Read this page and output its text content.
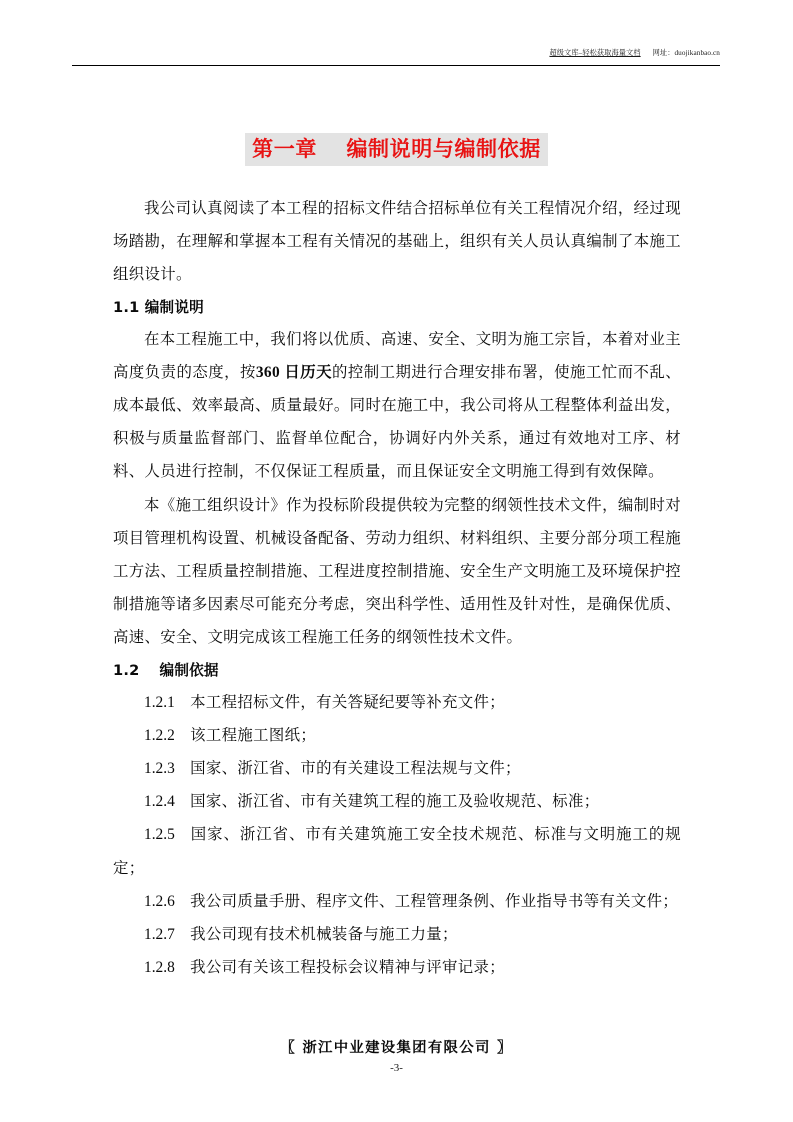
超级文库–轻松获取海量文档 网址：duojikanbao.cn
第一章　 编制说明与编制依据

我公司认真阅读了本工程的招标文件结合招标单位有关工程情况介绍，经过现场踏勘，在理解和掌握本工程有关情况的基础上，组织有关人员认真编制了本施工组织设计。

1.1 编制说明

在本工程施工中，我们将以优质、高速、安全、文明为施工宗旨，本着对业主高度负责的态度，按360 日历天的控制工期进行合理安排布署，使施工忙而不乱、成本最低、效率最高、质量最好。同时在施工中，我公司将从工程整体利益出发，积极与质量监督部门、监督单位配合，协调好内外关系，通过有效地对工序、材料、人员进行控制，不仅保证工程质量，而且保证安全文明施工得到有效保障。

本《施工组织设计》作为投标阶段提供较为完整的纲领性技术文件，编制时对项目管理机构设置、机械设备配备、劳动力组织、材料组织、主要分部分项工程施工方法、工程质量控制措施、工程进度控制措施、安全生产文明施工及环境保护控制措施等诸多因素尽可能充分考虑，突出科学性、适用性及针对性，是确保优质、高速、安全、文明完成该工程施工任务的纲领性技术文件。

1.2　 编制依据

1.2.1 本工程招标文件，有关答疑纪要等补充文件；

1.2.2 该工程施工图纸；

1.2.3 国家、浙江省、市的有关建设工程法规与文件；

1.2.4 国家、浙江省、市有关建筑工程的施工及验收规范、标准；

1.2.5 国家、浙江省、市有关建筑施工安全技术规范、标准与文明施工的规定；

1.2.6 我公司质量手册、程序文件、工程管理条例、作业指导书等有关文件；

1.2.7 我公司现有技术机械装备与施工力量；

1.2.8 我公司有关该工程投标会议精神与评审记录；

〖 浙江中业建设集团有限公司 〗
-3-
